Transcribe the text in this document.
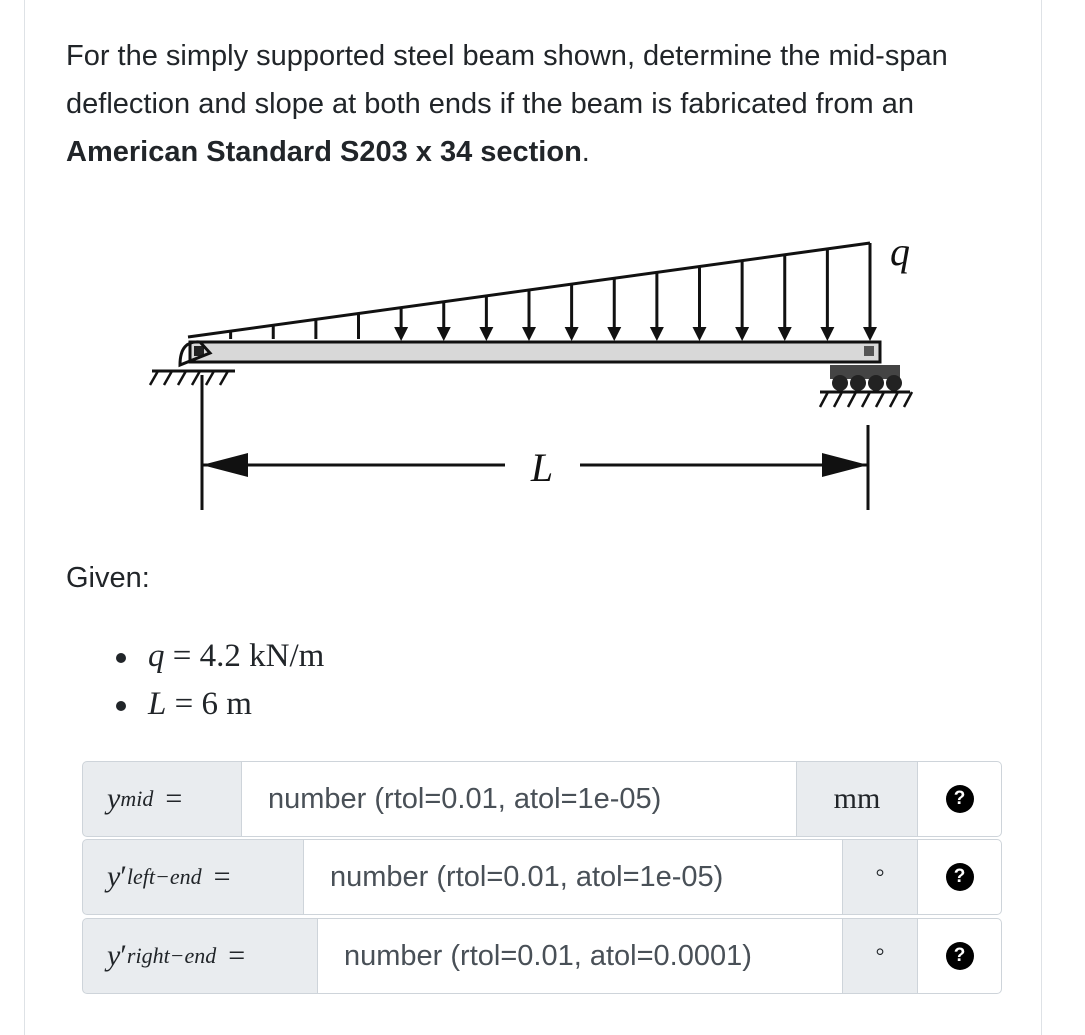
For the simply supported steel beam shown, determine the mid-span deflection and slope at both ends if the beam is fabricated from an American Standard S203 x 34 section.

L
q
Given:
q = 4.2 kN/m
L = 6 m
y mid =	number (rtol=0.01, atol=1e-05)	mm	?
y ′ left−end =	number (rtol=0.01, atol=1e-05)	°	?
y ′ right−end =	number (rtol=0.01, atol=0.0001)	°	?
